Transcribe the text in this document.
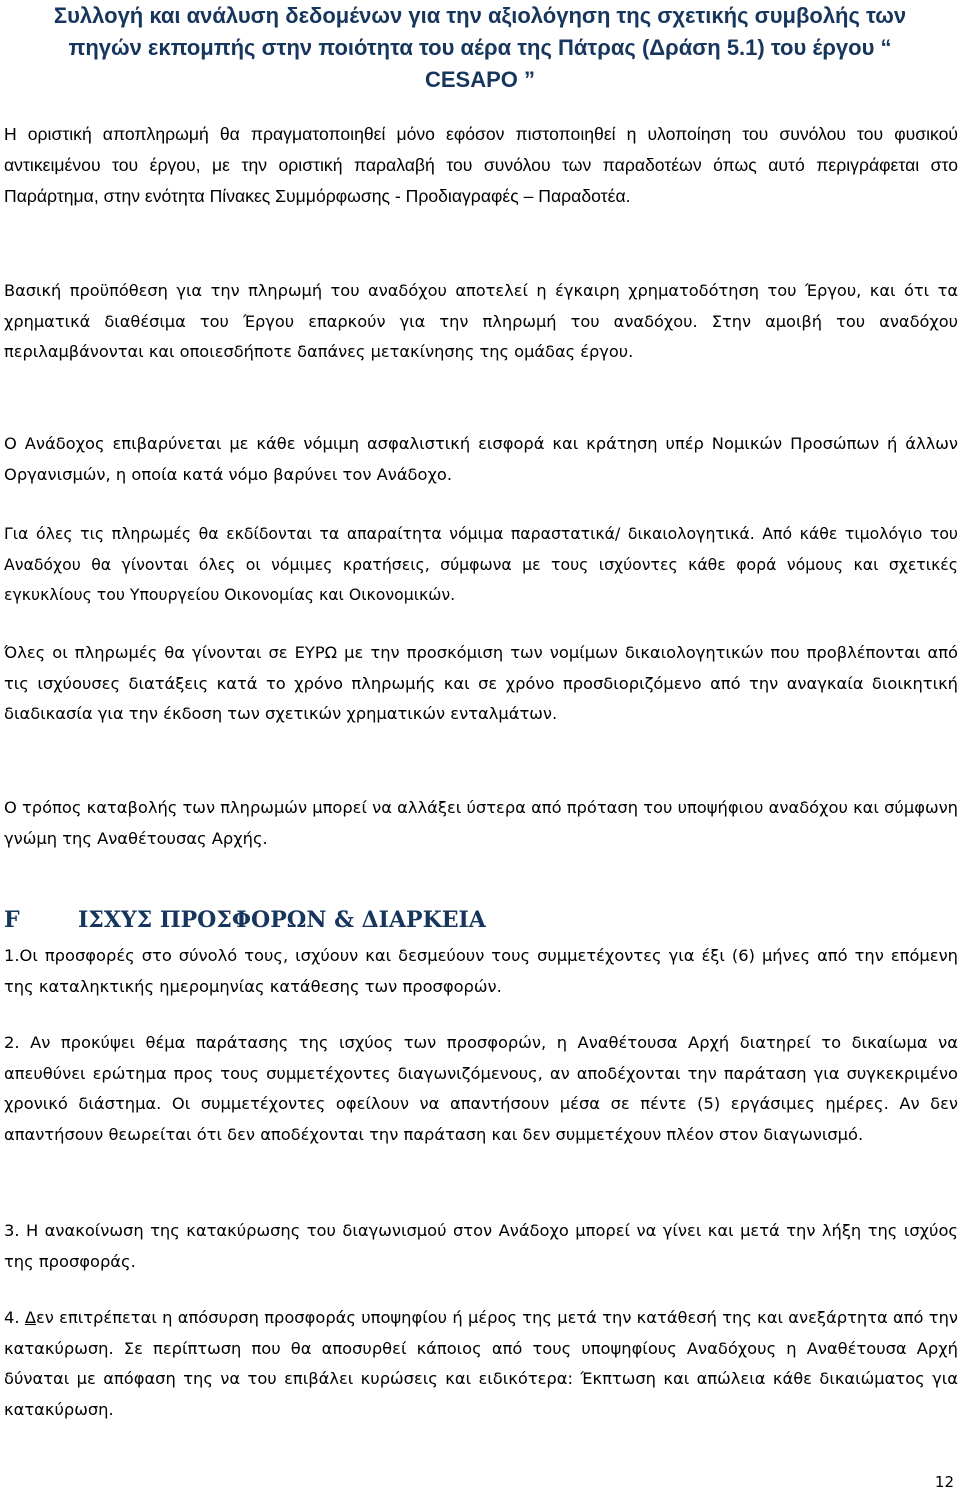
Συλλογή και ανάλυση δεδομένων για την αξιολόγηση της σχετικής συμβολής των
πηγών εκπομπής στην ποιότητα του αέρα της Πάτρας (Δράση 5.1) του έργου “
CESAPO ”

Η οριστική αποπληρωμή θα πραγματοποιηθεί μόνο εφόσον πιστοποιηθεί η υλοποίηση του συνόλου του φυσικού αντικειμένου του έργου, με την οριστική παραλαβή του συνόλου των παραδοτέων όπως αυτό περιγράφεται στο Παράρτημα, στην ενότητα Πίνακες Συμμόρφωσης - Προδιαγραφές – Παραδοτέα.

Βασική προϋπόθεση για την πληρωμή του αναδόχου αποτελεί η έγκαιρη χρηματοδότηση του Έργου, και ότι τα χρηματικά διαθέσιμα του Έργου επαρκούν για την πληρωμή του αναδόχου. Στην αμοιβή του αναδόχου περιλαμβάνονται και οποιεσδήποτε δαπάνες μετακίνησης της ομάδας έργου.

Ο Ανάδοχος επιβαρύνεται με κάθε νόμιμη ασφαλιστική εισφορά και κράτηση υπέρ Νομικών Προσώπων ή άλλων Οργανισμών, η οποία κατά νόμο βαρύνει τον Ανάδοχο.

Για όλες τις πληρωμές θα εκδίδονται τα απαραίτητα νόμιμα παραστατικά/ δικαιολογητικά. Από κάθε τιμολόγιο του Αναδόχου θα γίνονται όλες οι νόμιμες κρατήσεις, σύμφωνα με τους ισχύοντες κάθε φορά νόμους και σχετικές εγκυκλίους του Υπουργείου Οικονομίας και Οικονομικών.

Όλες οι πληρωμές θα γίνονται σε ΕΥΡΩ με την προσκόμιση των νομίμων δικαιολογητικών που προβλέπονται από τις ισχύουσες διατάξεις κατά το χρόνο πληρωμής και σε χρόνο προσδιοριζόμενο από την αναγκαία διοικητική διαδικασία για την έκδοση των σχετικών χρηματικών ενταλμάτων.

Ο τρόπος καταβολής των πληρωμών μπορεί να αλλάξει ύστερα από πρόταση του υποψήφιου αναδόχου και σύμφωνη γνώμη της Αναθέτουσας Αρχής.

F	ΙΣΧΥΣ ΠΡΟΣΦΟΡΩΝ & ΔΙΑΡΚΕΙΑ

1.Οι προσφορές στο σύνολό τους, ισχύουν και δεσμεύουν τους συμμετέχοντες για έξι (6) μήνες από την επόμενη της καταληκτικής ημερομηνίας κατάθεσης των προσφορών.

2. Αν προκύψει θέμα παράτασης της ισχύος των προσφορών, η Αναθέτουσα Αρχή διατηρεί το δικαίωμα να απευθύνει ερώτημα προς τους συμμετέχοντες διαγωνιζόμενους, αν αποδέχονται την παράταση για συγκεκριμένο χρονικό διάστημα. Οι συμμετέχοντες οφείλουν να απαντήσουν μέσα σε πέντε (5) εργάσιμες ημέρες. Αν δεν απαντήσουν θεωρείται ότι δεν αποδέχονται την παράταση και δεν συμμετέχουν πλέον στον διαγωνισμό.

3. Η ανακοίνωση της κατακύρωσης του διαγωνισμού στον Ανάδοχο μπορεί να γίνει και μετά την λήξη της ισχύος της προσφοράς.

4. Δεν επιτρέπεται η απόσυρση προσφοράς υποψηφίου ή μέρος της μετά την κατάθεσή της και ανεξάρτητα από την κατακύρωση. Σε περίπτωση που θα αποσυρθεί κάποιος από τους υποψηφίους Αναδόχους η Αναθέτουσα Αρχή δύναται με απόφαση της να του επιβάλει κυρώσεις και ειδικότερα: Έκπτωση και απώλεια κάθε δικαιώματος για κατακύρωση.

12
